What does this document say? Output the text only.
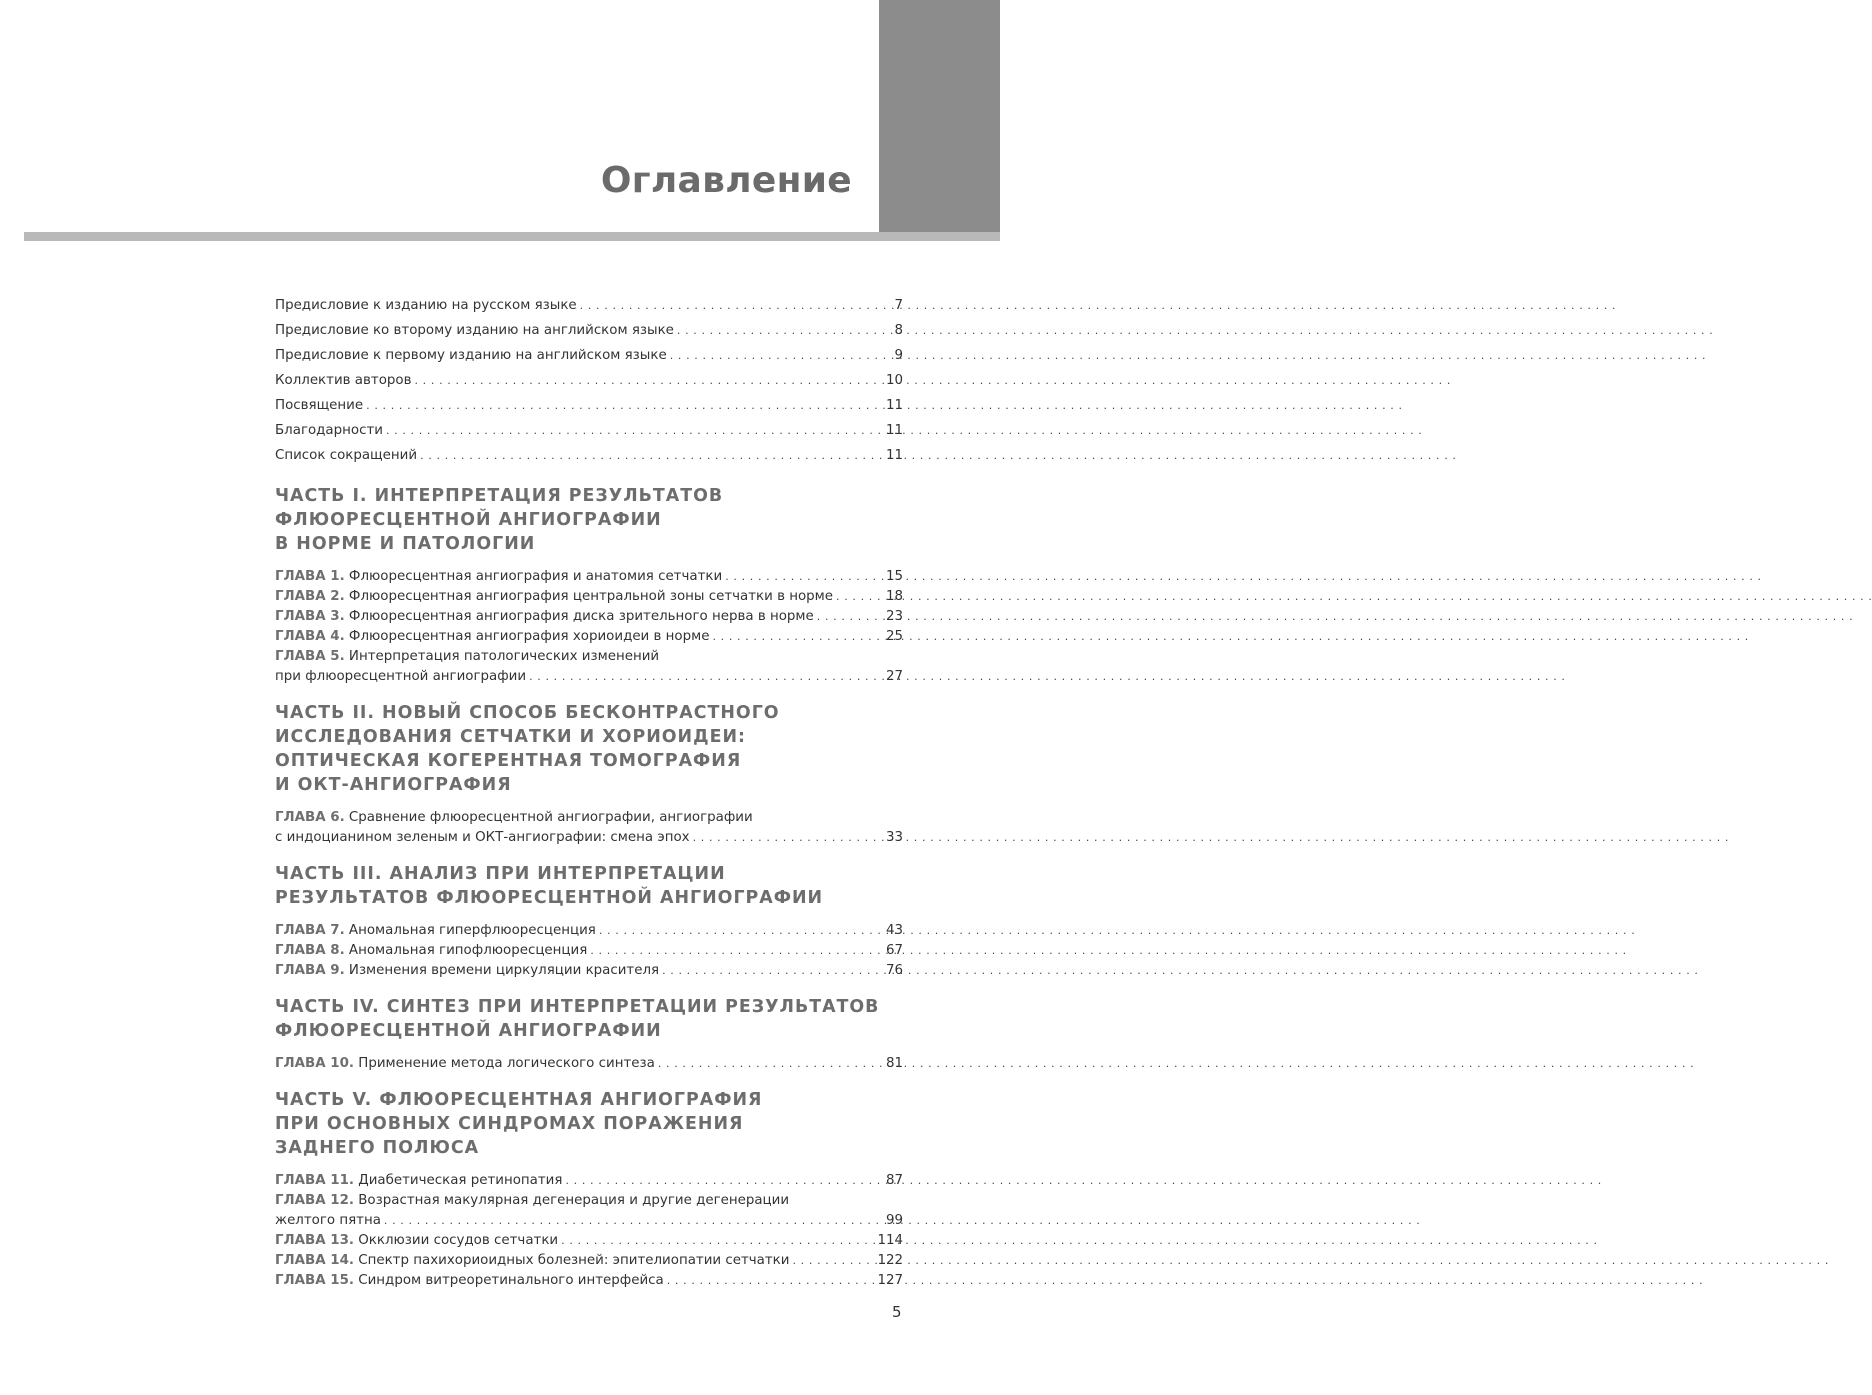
Оглавление
Предисловие к изданию на русском языке . . .	7
Предисловие ко второму изданию на английском языке . . .	8
Предисловие к первому изданию на английском языке . . .	9
Коллектив авторов . . .	10
Посвящение . . .	11
Благодарности . . .	11
Список сокращений . . .	11
ЧАСТЬ I. ИНТЕРПРЕТАЦИЯ РЕЗУЛЬТАТОВ
ФЛЮОРЕСЦЕНТНОЙ АНГИОГРАФИИ
В НОРМЕ И ПАТОЛОГИИ
ГЛАВА 1. Флюоресцентная ангиография и анатомия сетчатки . . .	15
ГЛАВА 2. Флюоресцентная ангиография центральной зоны сетчатки в норме . . .	18
ГЛАВА 3. Флюоресцентная ангиография диска зрительного нерва в норме . . .	23
ГЛАВА 4. Флюоресцентная ангиография хориоидеи в норме . . .	25
ГЛАВА 5. Интерпретация патологических изменений
при флюоресцентной ангиографии . . .	27
ЧАСТЬ II. НОВЫЙ СПОСОБ БЕСКОНТРАСТНОГО
ИССЛЕДОВАНИЯ СЕТЧАТКИ И ХОРИОИДЕИ:
ОПТИЧЕСКАЯ КОГЕРЕНТНАЯ ТОМОГРАФИЯ
И ОКТ-АНГИОГРАФИЯ
ГЛАВА 6. Сравнение флюоресцентной ангиографии, ангиографии
с индоцианином зеленым и ОКТ-ангиографии: смена эпох . . .	33
ЧАСТЬ III. АНАЛИЗ ПРИ ИНТЕРПРЕТАЦИИ
РЕЗУЛЬТАТОВ ФЛЮОРЕСЦЕНТНОЙ АНГИОГРАФИИ
ГЛАВА 7. Аномальная гиперфлюоресценция . . .	43
ГЛАВА 8. Аномальная гипофлюоресценция . . .	67
ГЛАВА 9. Изменения времени циркуляции красителя . . .	76
ЧАСТЬ IV. СИНТЕЗ ПРИ ИНТЕРПРЕТАЦИИ РЕЗУЛЬТАТОВ
ФЛЮОРЕСЦЕНТНОЙ АНГИОГРАФИИ
ГЛАВА 10. Применение метода логического синтеза . . .	81
ЧАСТЬ V. ФЛЮОРЕСЦЕНТНАЯ АНГИОГРАФИЯ
ПРИ ОСНОВНЫХ СИНДРОМАХ ПОРАЖЕНИЯ
ЗАДНЕГО ПОЛЮСА
ГЛАВА 11. Диабетическая ретинопатия . . .	87
ГЛАВА 12. Возрастная макулярная дегенерация и другие дегенерации
желтого пятна . . .	99
ГЛАВА 13. Окклюзии сосудов сетчатки . . .	114
ГЛАВА 14. Спектр пахихориоидных болезней: эпителиопатии сетчатки . . .	122
ГЛАВА 15. Синдром витреоретинального интерфейса . . .	127
5
